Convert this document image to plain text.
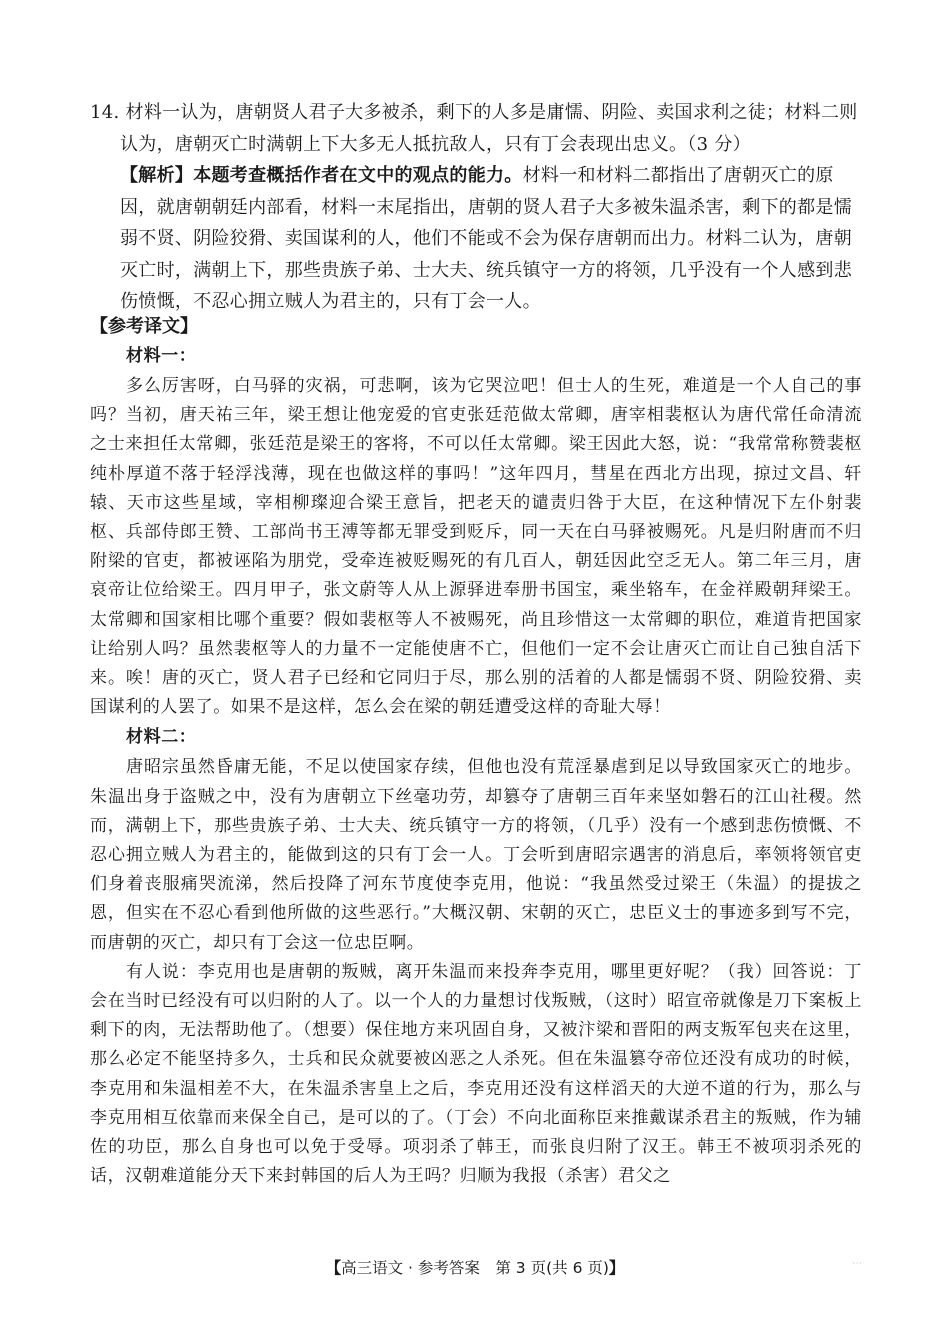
14. 材料一认为，唐朝贤人君子大多被杀，剩下的人多是庸懦、阴险、卖国求利之徒；材料二则认为，唐朝灭亡时满朝上下大多无人抵抗敌人，只有丁会表现出忠义。（3 分）
【解析】本题考查概括作者在文中的观点的能力。材料一和材料二都指出了唐朝灭亡的原因，就唐朝朝廷内部看，材料一末尾指出，唐朝的贤人君子大多被朱温杀害，剩下的都是懦弱不贤、阴险狡猾、卖国谋利的人，他们不能或不会为保存唐朝而出力。材料二认为，唐朝灭亡时，满朝上下，那些贵族子弟、士大夫、统兵镇守一方的将领，几乎没有一个人感到悲伤愤慨，不忍心拥立贼人为君主的，只有丁会一人。
【参考译文】
材料一：

多么厉害呀，白马驿的灾祸，可悲啊，该为它哭泣吧！但士人的生死，难道是一个人自己的事吗？当初，唐天祐三年，梁王想让他宠爱的官吏张廷范做太常卿，唐宰相裴枢认为唐代常任命清流之士来担任太常卿，张廷范是梁王的客将，不可以任太常卿。梁王因此大怒，说：“我常常称赞裴枢纯朴厚道不落于轻浮浅薄，现在也做这样的事吗！”这年四月，彗星在西北方出现，掠过文昌、轩辕、天市这些星域，宰相柳璨迎合梁王意旨，把老天的谴责归咎于大臣，在这种情况下左仆射裴枢、兵部侍郎王赞、工部尚书王溥等都无罪受到贬斥，同一天在白马驿被赐死。凡是归附唐而不归附梁的官吏，都被诬陷为朋党，受牵连被贬赐死的有几百人，朝廷因此空乏无人。第二年三月，唐哀帝让位给梁王。四月甲子，张文蔚等人从上源驿进奉册书国宝，乘坐辂车，在金祥殿朝拜梁王。太常卿和国家相比哪个重要？假如裴枢等人不被赐死，尚且珍惜这一太常卿的职位，难道肯把国家让给别人吗？虽然裴枢等人的力量不一定能使唐不亡，但他们一定不会让唐灭亡而让自己独自活下来。唉！唐的灭亡，贤人君子已经和它同归于尽，那么别的活着的人都是懦弱不贤、阴险狡猾、卖国谋利的人罢了。如果不是这样，怎么会在梁的朝廷遭受这样的奇耻大辱！

材料二：

唐昭宗虽然昏庸无能，不足以使国家存续，但他也没有荒淫暴虐到足以导致国家灭亡的地步。朱温出身于盗贼之中，没有为唐朝立下丝毫功劳，却篡夺了唐朝三百年来坚如磐石的江山社稷。然而，满朝上下，那些贵族子弟、士大夫、统兵镇守一方的将领，（几乎）没有一个感到悲伤愤慨、不忍心拥立贼人为君主的，能做到这的只有丁会一人。丁会听到唐昭宗遇害的消息后，率领将领官吏们身着丧服痛哭流涕，然后投降了河东节度使李克用，他说：“我虽然受过梁王（朱温）的提拔之恩，但实在不忍心看到他所做的这些恶行。”大概汉朝、宋朝的灭亡，忠臣义士的事迹多到写不完，而唐朝的灭亡，却只有丁会这一位忠臣啊。

有人说：李克用也是唐朝的叛贼，离开朱温而来投奔李克用，哪里更好呢？（我）回答说：丁会在当时已经没有可以归附的人了。以一个人的力量想讨伐叛贼，（这时）昭宣帝就像是刀下案板上剩下的肉，无法帮助他了。（想要）保住地方来巩固自身，又被汴梁和晋阳的两支叛军包夹在这里，那么必定不能坚持多久，士兵和民众就要被凶恶之人杀死。但在朱温篡夺帝位还没有成功的时候，李克用和朱温相差不大，在朱温杀害皇上之后，李克用还没有这样滔天的大逆不道的行为，那么与李克用相互依靠而来保全自己，是可以的了。（丁会）不向北面称臣来推戴谋杀君主的叛贼，作为辅佐的功臣，那么自身也可以免于受辱。项羽杀了韩王，而张良归附了汉王。韩王不被项羽杀死的话，汉朝难道能分天下来封韩国的后人为王吗？归顺为我报（杀害）君父之

【高三语文 · 参考答案　第 3 页(共 6 页)】	⋯
